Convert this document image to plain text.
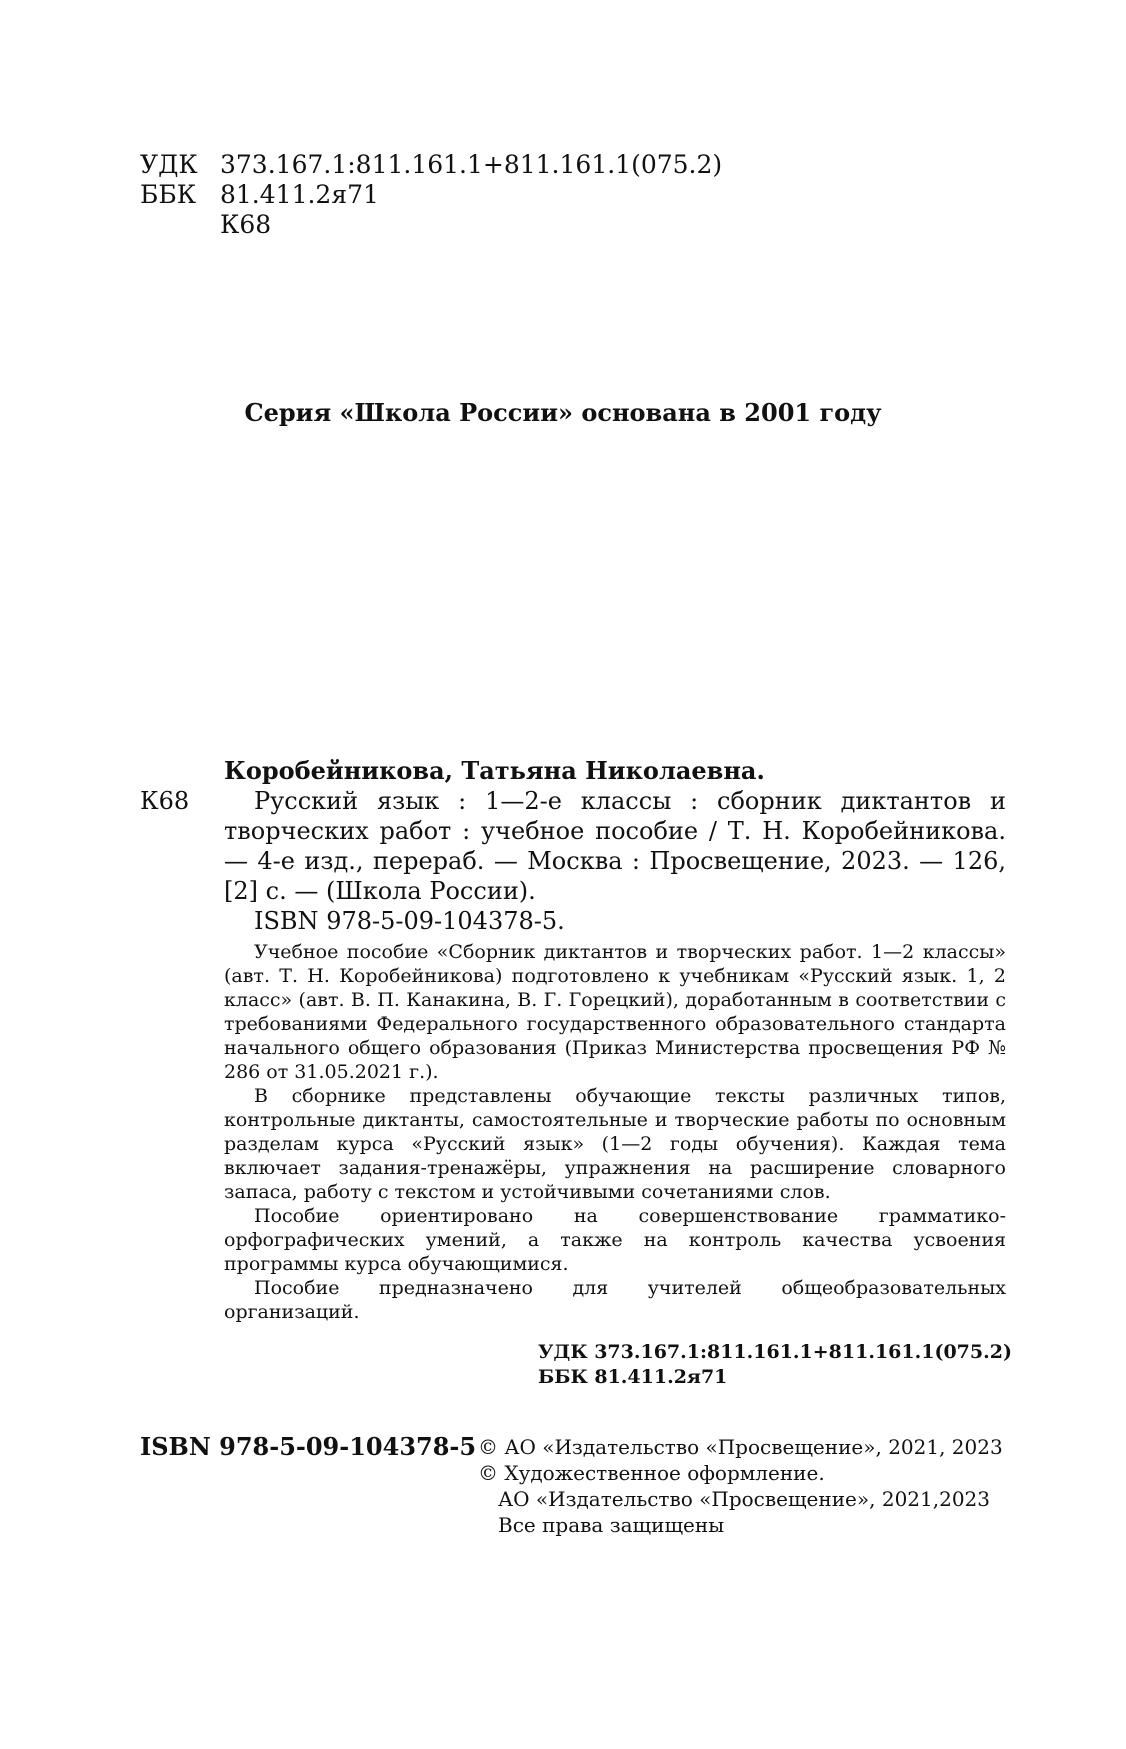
УДК 373.167.1:811.161.1+811.161.1(075.2)
ББК 81.411.2я71
К68
Серия «Школа России» основана в 2001 году
Коробейникова, Татьяна Николаевна.
К68	Русский язык : 1—2-е классы : сборник диктантов и творческих работ : учебное пособие / Т. Н. Коробейникова. — 4-е изд., перераб. — Москва : Просвещение, 2023. — 126, [2] с. — (Школа России).

ISBN 978-5-09-104378-5.

Учебное пособие «Сборник диктантов и творческих работ. 1—2 классы» (авт. Т. Н. Коробейникова) подготовлено к учебникам «Русский язык. 1, 2 класс» (авт. В. П. Канакина, В. Г. Горецкий), доработанным в соответствии с требованиями Федерального государственного образовательного стандарта начального общего образования (Приказ Министерства просвещения РФ № 286 от 31.05.2021 г.).

В сборнике представлены обучающие тексты различных типов, контрольные диктанты, самостоятельные и творческие работы по основным разделам курса «Русский язык» (1—2 годы обучения). Каждая тема включает задания-тренажёры, упражнения на расширение словарного запаса, работу с текстом и устойчивыми сочетаниями слов.

Пособие ориентировано на совершенствование грамматико-орфографических умений, а также на контроль качества усвоения программы курса обучающимися.

Пособие предназначено для учителей общеобразовательных организаций.

УДК 373.167.1:811.161.1+811.161.1(075.2)
ББК 81.411.2я71
ISBN 978-5-09-104378-5 © АО «Издательство «Просвещение», 2021, 2023
© Художественное оформление.
АО «Издательство «Просвещение», 2021,2023
Все права защищены
